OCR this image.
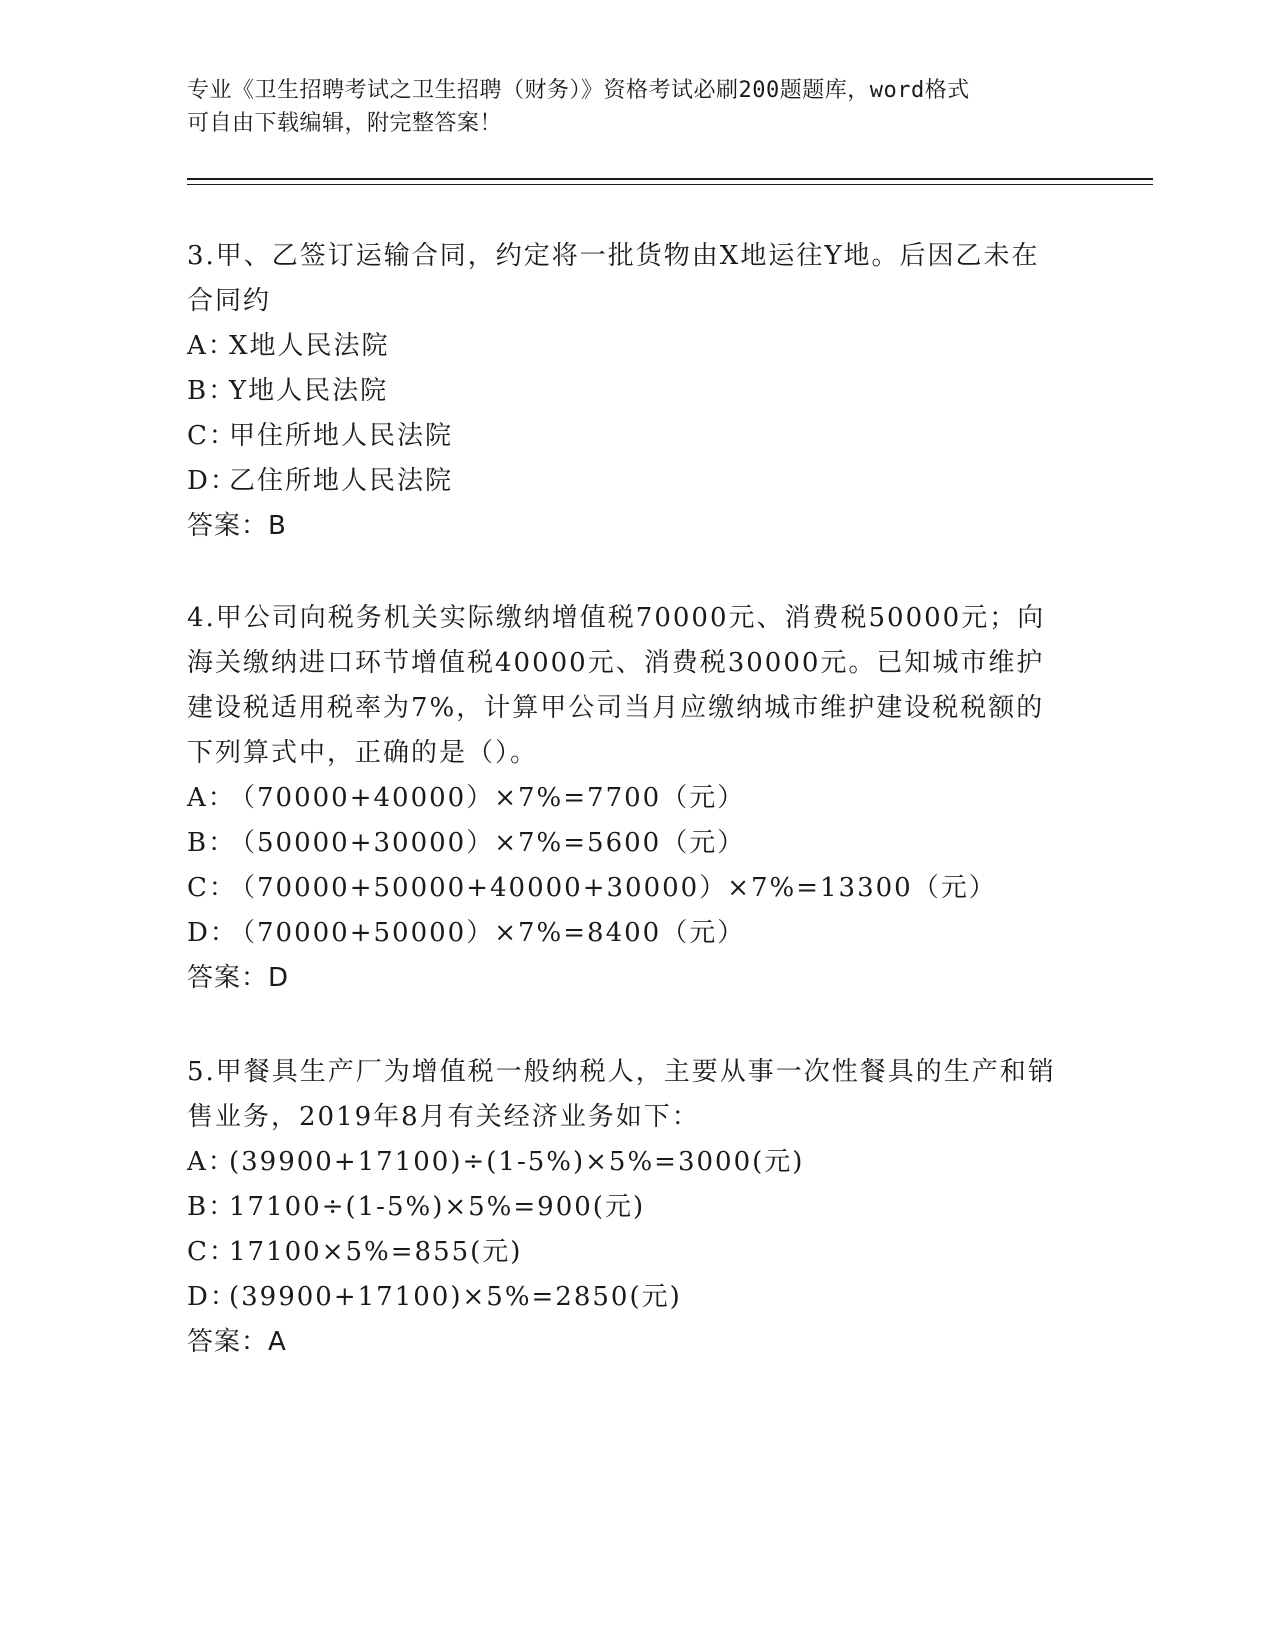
专业《卫生招聘考试之卫生招聘（财务）》资格考试必刷200题题库，word格式
可自由下载编辑，附完整答案！

3.甲、乙签订运输合同，约定将一批货物由X地运往Y地。后因乙未在合同约

A：X地人民法院

B：Y地人民法院

C：甲住所地人民法院

D：乙住所地人民法院

答案：B

4.甲公司向税务机关实际缴纳增值税70000元、消费税50000元；向海关缴纳进口环节增值税40000元、消费税30000元。已知城市维护建设税适用税率为7%，计算甲公司当月应缴纳城市维护建设税税额的下列算式中，正确的是（）。

A：（70000+40000）×7%=7700（元）

B：（50000+30000）×7%=5600（元）

C：（70000+50000+40000+30000）×7%=13300（元）

D：（70000+50000）×7%=8400（元）

答案：D

5.甲餐具生产厂为增值税一般纳税人，主要从事一次性餐具的生产和销售业务，2019年8月有关经济业务如下：

A：(39900+17100)÷(1-5%)×5%=3000(元)

B：17100÷(1-5%)×5%=900(元)

C：17100×5%=855(元)

D：(39900+17100)×5%=2850(元)

答案：A
